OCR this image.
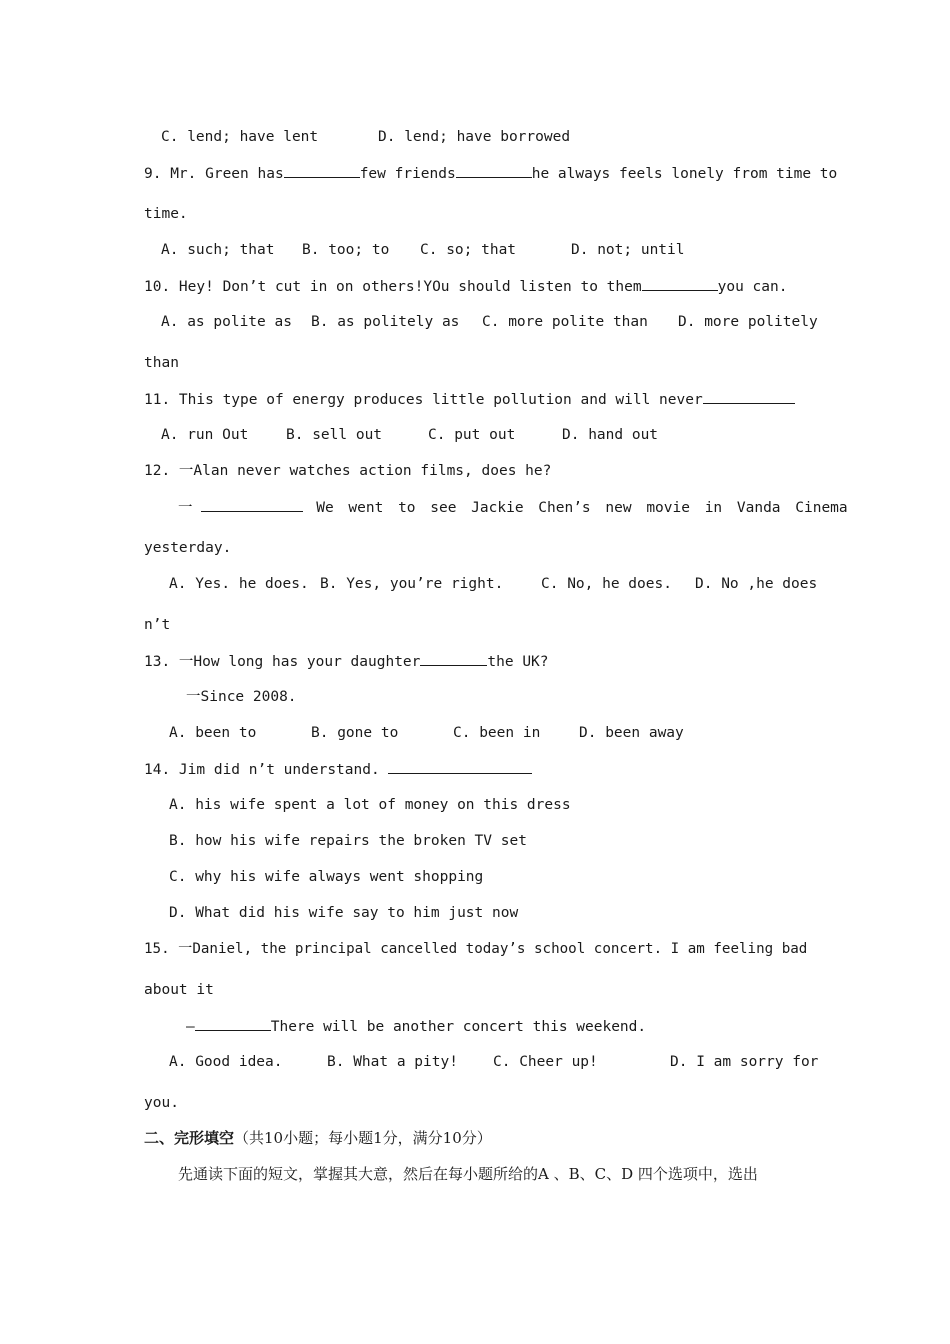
C. lend; have lent	D. lend; have borrowed
9. Mr. Green has	few friends	he always feels lonely from time to
time.
A. such; that B. too; to C. so; that	D. not; until
10. Hey! Don’t cut in on others!YOu should listen to them	you can.
A. as polite as B. as politely as C. more polite than D. more politely
than
11. This type of energy produces little pollution and will never
A. run Out	B. sell out	C. put out	D. hand out
12. 一Alan never watches action films, does he?
一	We went to see Jackie Chen’s new movie in Vanda Cinema
yesterday.
A. Yes. he does. B. Yes, you’re right.	C. No, he does. D. No ,he does
n’t
13. 一How long has your daughter	the UK?
一Since 2008.
A. been to	B. gone to	C. been in	D. been away
14. Jim did n’t understand.
A. his wife spent a lot of money on this dress
B. how his wife repairs the broken TV set
C. why his wife always went shopping
D. What did his wife say to him just now
15. 一Daniel, the principal cancelled today’s school concert. I am feeling bad
about it
—	There will be another concert this weekend.
A. Good idea.	B. What a pity! C. Cheer up!	D. I am sorry for
you.
二、完形填空（共10小题；每小题1分，满分10分）
先通读下面的短文，掌握其大意，然后在每小题所给的A 、B、C、D 四个选项中，选出
